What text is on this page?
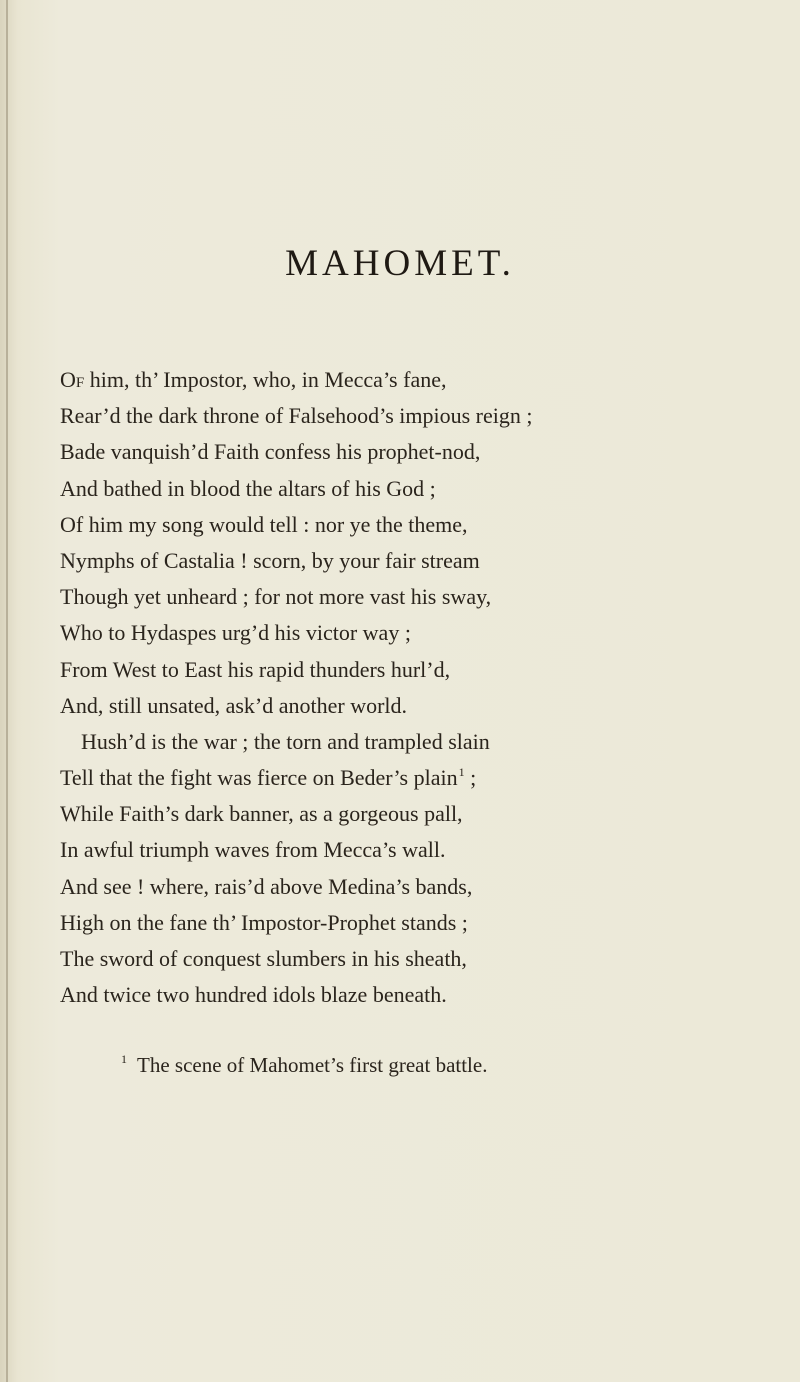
MAHOMET.
Of him, th’ Impostor, who, in Mecca’s fane,
Rear’d the dark throne of Falsehood’s impious reign ;
Bade vanquish’d Faith confess his prophet-nod,
And bathed in blood the altars of his God ;
Of him my song would tell : nor ye the theme,
Nymphs of Castalia ! scorn, by your fair stream
Though yet unheard ; for not more vast his sway,
Who to Hydaspes urg’d his victor way ;
From West to East his rapid thunders hurl’d,
And, still unsated, ask’d another world.
Hush’d is the war ; the torn and trampled slain
Tell that the fight was fierce on Beder’s plain$^1$ ;
While Faith’s dark banner, as a gorgeous pall,
In awful triumph waves from Mecca’s wall.
And see ! where, rais’d above Medina’s bands,
High on the fane th’ Impostor-Prophet stands ;
The sword of conquest slumbers in his sheath,
And twice two hundred idols blaze beneath.
$^1$ The scene of Mahomet’s first great battle.
